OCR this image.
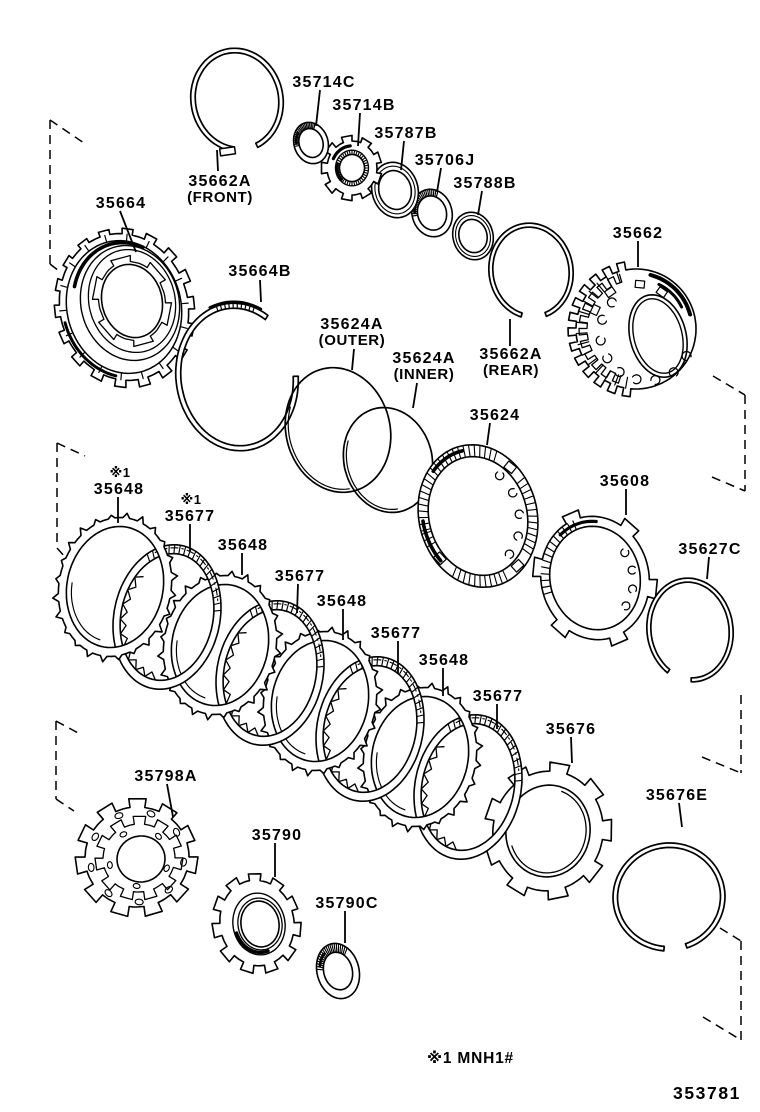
35714C
35714B
35787B
35706J
35788B
35662A
(FRONT)
35664
35664B
35624A
(OUTER)
35624A
(INNER)
35662A
(REAR)
35662
35624
35608
35627C
※1
35648
※1
35677
35648
35677
35648
35677
35648
35677
35676
35676E
35798A
35790
35790C
※1 MNH1#
353781
